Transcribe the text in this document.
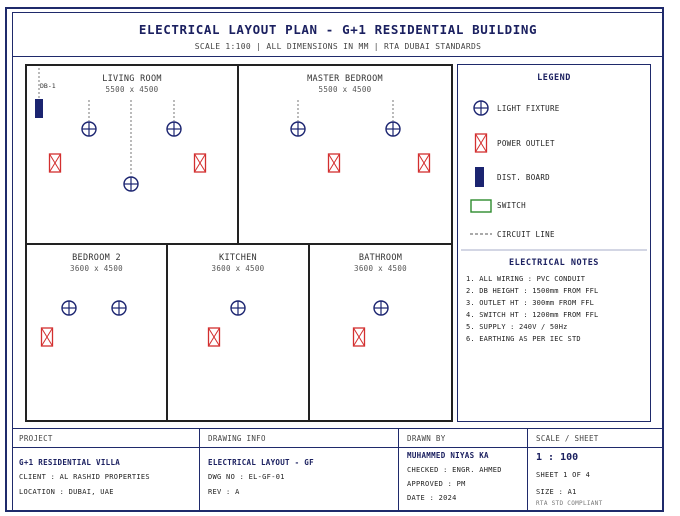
ELECTRICAL LAYOUT PLAN - G+1 RESIDENTIAL BUILDING
SCALE 1:100 | ALL DIMENSIONS IN MM | RTA DUBAI STANDARDS
LIVING ROOM
5500 x 4500
MASTER BEDROOM
5500 x 4500
BEDROOM 2
3600 x 4500
KITCHEN
3600 x 4500
BATHROOM
3600 x 4500
DB-1
LEGEND
LIGHT FIXTURE
POWER OUTLET
DIST. BOARD
SWITCH
CIRCUIT LINE
ELECTRICAL NOTES
1. ALL WIRING : PVC CONDUIT
2. DB HEIGHT : 1500mm FROM FFL
3. OUTLET HT : 300mm FROM FFL
4. SWITCH HT : 1200mm FROM FFL
5. SUPPLY : 240V / 50Hz
6. EARTHING AS PER IEC STD
PROJECT
G+1 RESIDENTIAL VILLA
CLIENT : AL RASHID PROPERTIES
LOCATION : DUBAI, UAE
DRAWING INFO
ELECTRICAL LAYOUT - GF
DWG NO : EL-GF-01
REV : A
DRAWN BY
MUHAMMED NIYAS KA
CHECKED : ENGR. AHMED
APPROVED : PM
DATE : 2024
SCALE / SHEET
1 : 100
SHEET 1 OF 4
SIZE : A1
RTA STD COMPLIANT
